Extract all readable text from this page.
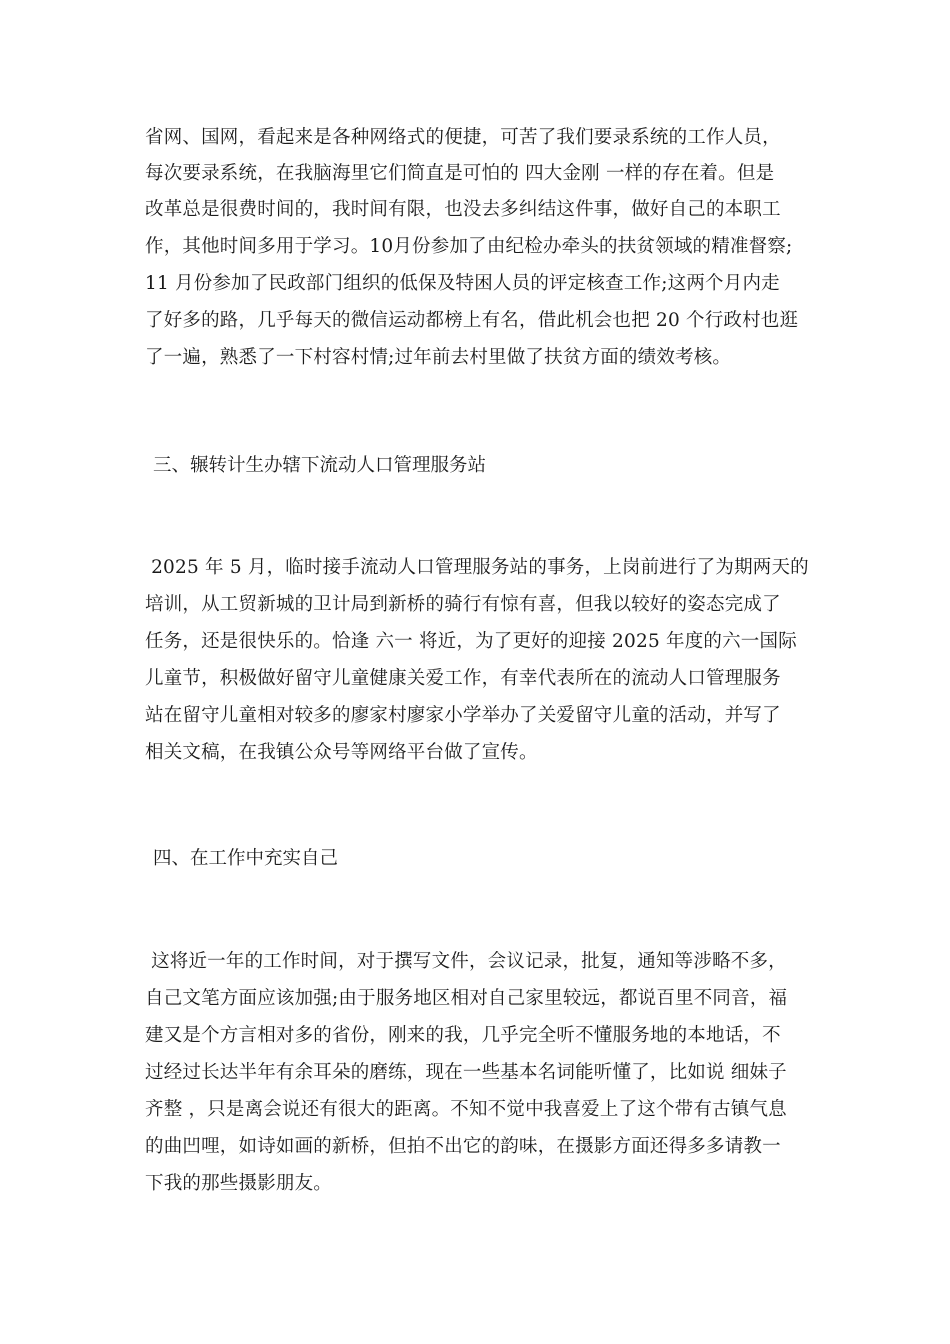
省网、国网，看起来是各种网络式的便捷，可苦了我们要录系统的工作人员，
每次要录系统，在我脑海里它们简直是可怕的 四大金刚 一样的存在着。但是
改革总是很费时间的，我时间有限，也没去多纠结这件事，做好自己的本职工
作，其他时间多用于学习。10月份参加了由纪检办牵头的扶贫领域的精准督察;
11 月份参加了民政部门组织的低保及特困人员的评定核查工作;这两个月内走
了好多的路，几乎每天的微信运动都榜上有名，借此机会也把 20 个行政村也逛
了一遍，熟悉了一下村容村情;过年前去村里做了扶贫方面的绩效考核。
三、辗转计生办辖下流动人口管理服务站
2025 年 5 月，临时接手流动人口管理服务站的事务，上岗前进行了为期两天的
培训，从工贸新城的卫计局到新桥的骑行有惊有喜，但我以较好的姿态完成了
任务，还是很快乐的。恰逢 六一 将近，为了更好的迎接 2025 年度的六一国际
儿童节，积极做好留守儿童健康关爱工作，有幸代表所在的流动人口管理服务
站在留守儿童相对较多的廖家村廖家小学举办了关爱留守儿童的活动，并写了
相关文稿，在我镇公众号等网络平台做了宣传。
四、在工作中充实自己
这将近一年的工作时间，对于撰写文件，会议记录，批复，通知等涉略不多，
自己文笔方面应该加强;由于服务地区相对自己家里较远，都说百里不同音，福
建又是个方言相对多的省份，刚来的我，几乎完全听不懂服务地的本地话，不
过经过长达半年有余耳朵的磨练，现在一些基本名词能听懂了，比如说 细妹子
齐整 ，只是离会说还有很大的距离。不知不觉中我喜爱上了这个带有古镇气息
的曲凹哩，如诗如画的新桥，但拍不出它的韵味，在摄影方面还得多多请教一
下我的那些摄影朋友。
